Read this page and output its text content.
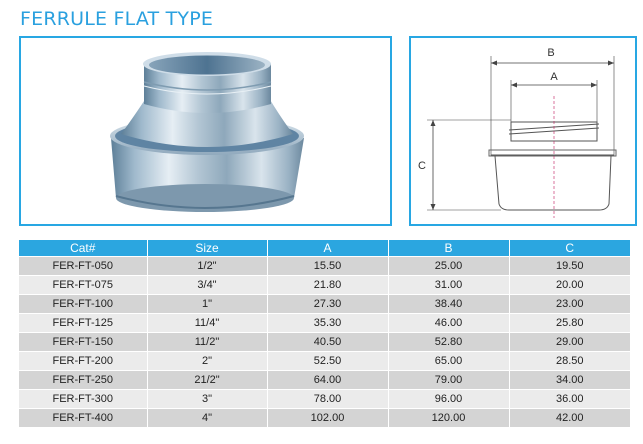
FERRULE FLAT TYPE
B
A
C
Cat#	Size	A	B	C
FER-FT-050	1/2"	15.50	25.00	19.50
FER-FT-075	3/4"	21.80	31.00	20.00
FER-FT-100	1"	27.30	38.40	23.00
FER-FT-125	11/4"	35.30	46.00	25.80
FER-FT-150	11/2"	40.50	52.80	29.00
FER-FT-200	2"	52.50	65.00	28.50
FER-FT-250	21/2"	64.00	79.00	34.00
FER-FT-300	3"	78.00	96.00	36.00
FER-FT-400	4"	102.00	120.00	42.00
